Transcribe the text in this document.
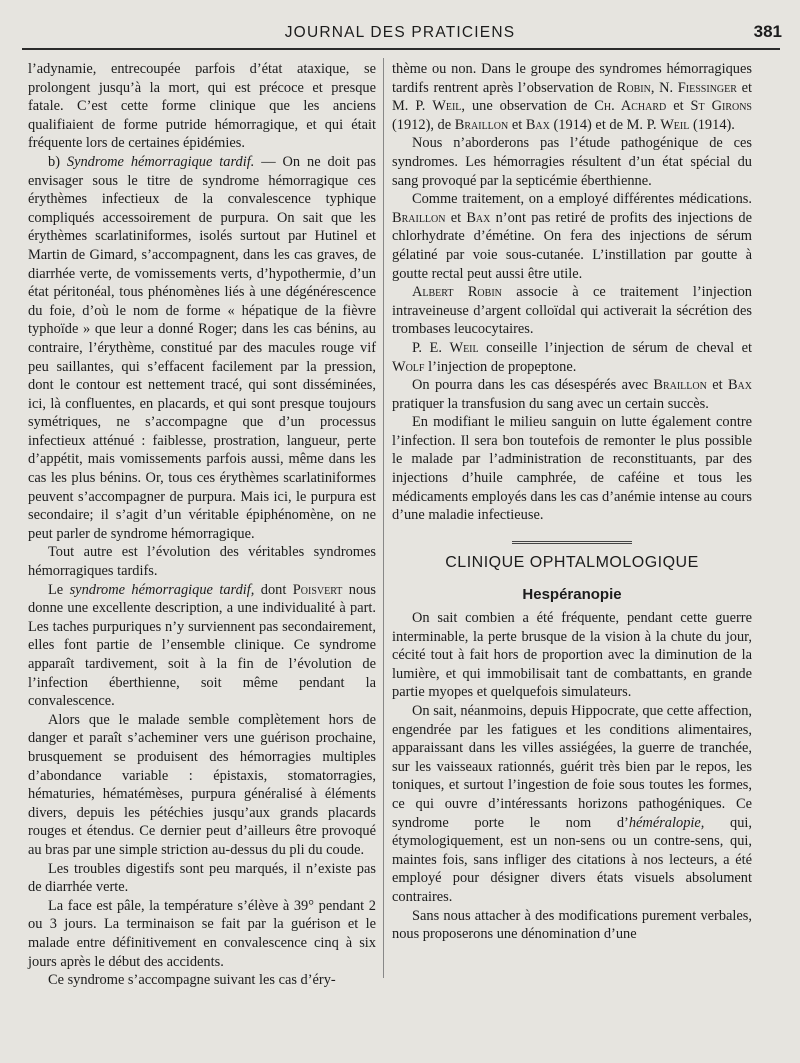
JOURNAL DES PRATICIENS	381

l’adynamie, entrecoupée parfois d’état ataxique, se prolongent jusqu’à la mort, qui est précoce et presque fatale. C’est cette forme clinique que les anciens qualifiaient de forme putride hémorragique, et qui était fréquente lors de certaines épidémies.

b) Syndrome hémorragique tardif. — On ne doit pas envisager sous le titre de syndrome hémorragique ces érythèmes infectieux de la convalescence typhique compliqués accessoirement de purpura. On sait que les érythèmes scarlatiniformes, isolés surtout par Hutinel et Martin de Gimard, s’accompagnent, dans les cas graves, de diarrhée verte, de vomissements verts, d’hypothermie, d’un état péritonéal, tous phénomènes liés à une dégénérescence du foie, d’où le nom de forme « hépatique de la fièvre typhoïde » que leur a donné Roger; dans les cas bénins, au contraire, l’érythème, constitué par des macules rouge vif peu saillantes, qui s’effacent facilement par la pression, dont le contour est nettement tracé, qui sont disséminées, ici, là confluentes, en placards, et qui sont presque toujours symétriques, ne s’accompagne que d’un processus infectieux atténué : faiblesse, prostration, langueur, perte d’appétit, mais vomissements parfois aussi, même dans les cas les plus bénins. Or, tous ces érythèmes scarlatiniformes peuvent s’accompagner de purpura. Mais ici, le purpura est secondaire; il s’agit d’un véritable épiphénomène, on ne peut parler de syndrome hémorragique.

Tout autre est l’évolution des véritables syndromes hémorragiques tardifs.

Le syndrome hémorragique tardif, dont Poisvert nous donne une excellente description, a une individualité à part. Les taches purpuriques n’y surviennent pas secondairement, elles font partie de l’ensemble clinique. Ce syndrome apparaît tardivement, soit à la fin de l’évolution de l’infection éberthienne, soit même pendant la convalescence.

Alors que le malade semble complètement hors de danger et paraît s’acheminer vers une guérison prochaine, brusquement se produisent des hémorragies multiples d’abondance variable : épistaxis, stomatorragies, hématuries, hématémèses, purpura généralisé à éléments divers, depuis les pétéchies jusqu’aux grands placards rouges et étendus. Ce dernier peut d’ailleurs être provoqué au bras par une simple striction au-dessus du pli du coude.

Les troubles digestifs sont peu marqués, il n’existe pas de diarrhée verte.

La face est pâle, la température s’élève à 39° pendant 2 ou 3 jours. La terminaison se fait par la guérison et le malade entre définitivement en convalescence cinq à six jours après le début des accidents.

Ce syndrome s’accompagne suivant les cas d’éry-

thème ou non. Dans le groupe des syndromes hémorragiques tardifs rentrent après l’observation de Robin, N. Fiessinger et M. P. Weil, une observation de Ch. Achard et St Girons (1912), de Braillon et Bax (1914) et de M. P. Weil (1914).

Nous n’aborderons pas l’étude pathogénique de ces syndromes. Les hémorragies résultent d’un état spécial du sang provoqué par la septicémie éberthienne.

Comme traitement, on a employé différentes médications. Braillon et Bax n’ont pas retiré de profits des injections de chlorhydrate d’émétine. On fera des injections de sérum gélatiné par voie sous-cutanée. L’instillation par goutte à goutte rectal peut aussi être utile.

Albert Robin associe à ce traitement l’injection intraveineuse d’argent colloïdal qui activerait la sécrétion des trombases leucocytaires.

P. E. Weil conseille l’injection de sérum de cheval et Wolf l’injection de propeptone.

On pourra dans les cas désespérés avec Braillon et Bax pratiquer la transfusion du sang avec un certain succès.

En modifiant le milieu sanguin on lutte également contre l’infection. Il sera bon toutefois de remonter le plus possible le malade par l’administration de reconstituants, par des injections d’huile camphrée, de caféine et tous les médicaments employés dans les cas d’anémie intense au cours d’une maladie infectieuse.

CLINIQUE OPHTALMOLOGIQUE
Hespéranopie

On sait combien a été fréquente, pendant cette guerre interminable, la perte brusque de la vision à la chute du jour, cécité tout à fait hors de proportion avec la diminution de la lumière, et qui immobilisait tant de combattants, en grande partie myopes et quelquefois simulateurs.

On sait, néanmoins, depuis Hippocrate, que cette affection, engendrée par les fatigues et les conditions alimentaires, apparaissant dans les villes assiégées, la guerre de tranchée, sur les vaisseaux rationnés, guérit très bien par le repos, les toniques, et surtout l’ingestion de foie sous toutes les formes, ce qui ouvre d’intéressants horizons pathogéniques. Ce syndrome porte le nom d’héméralopie, qui, étymologiquement, est un non-sens ou un contre-sens, qui, maintes fois, sans infliger des citations à nos lecteurs, a été employé pour désigner divers états visuels absolument contraires.

Sans nous attacher à des modifications purement verbales, nous proposerons une dénomination d’une
